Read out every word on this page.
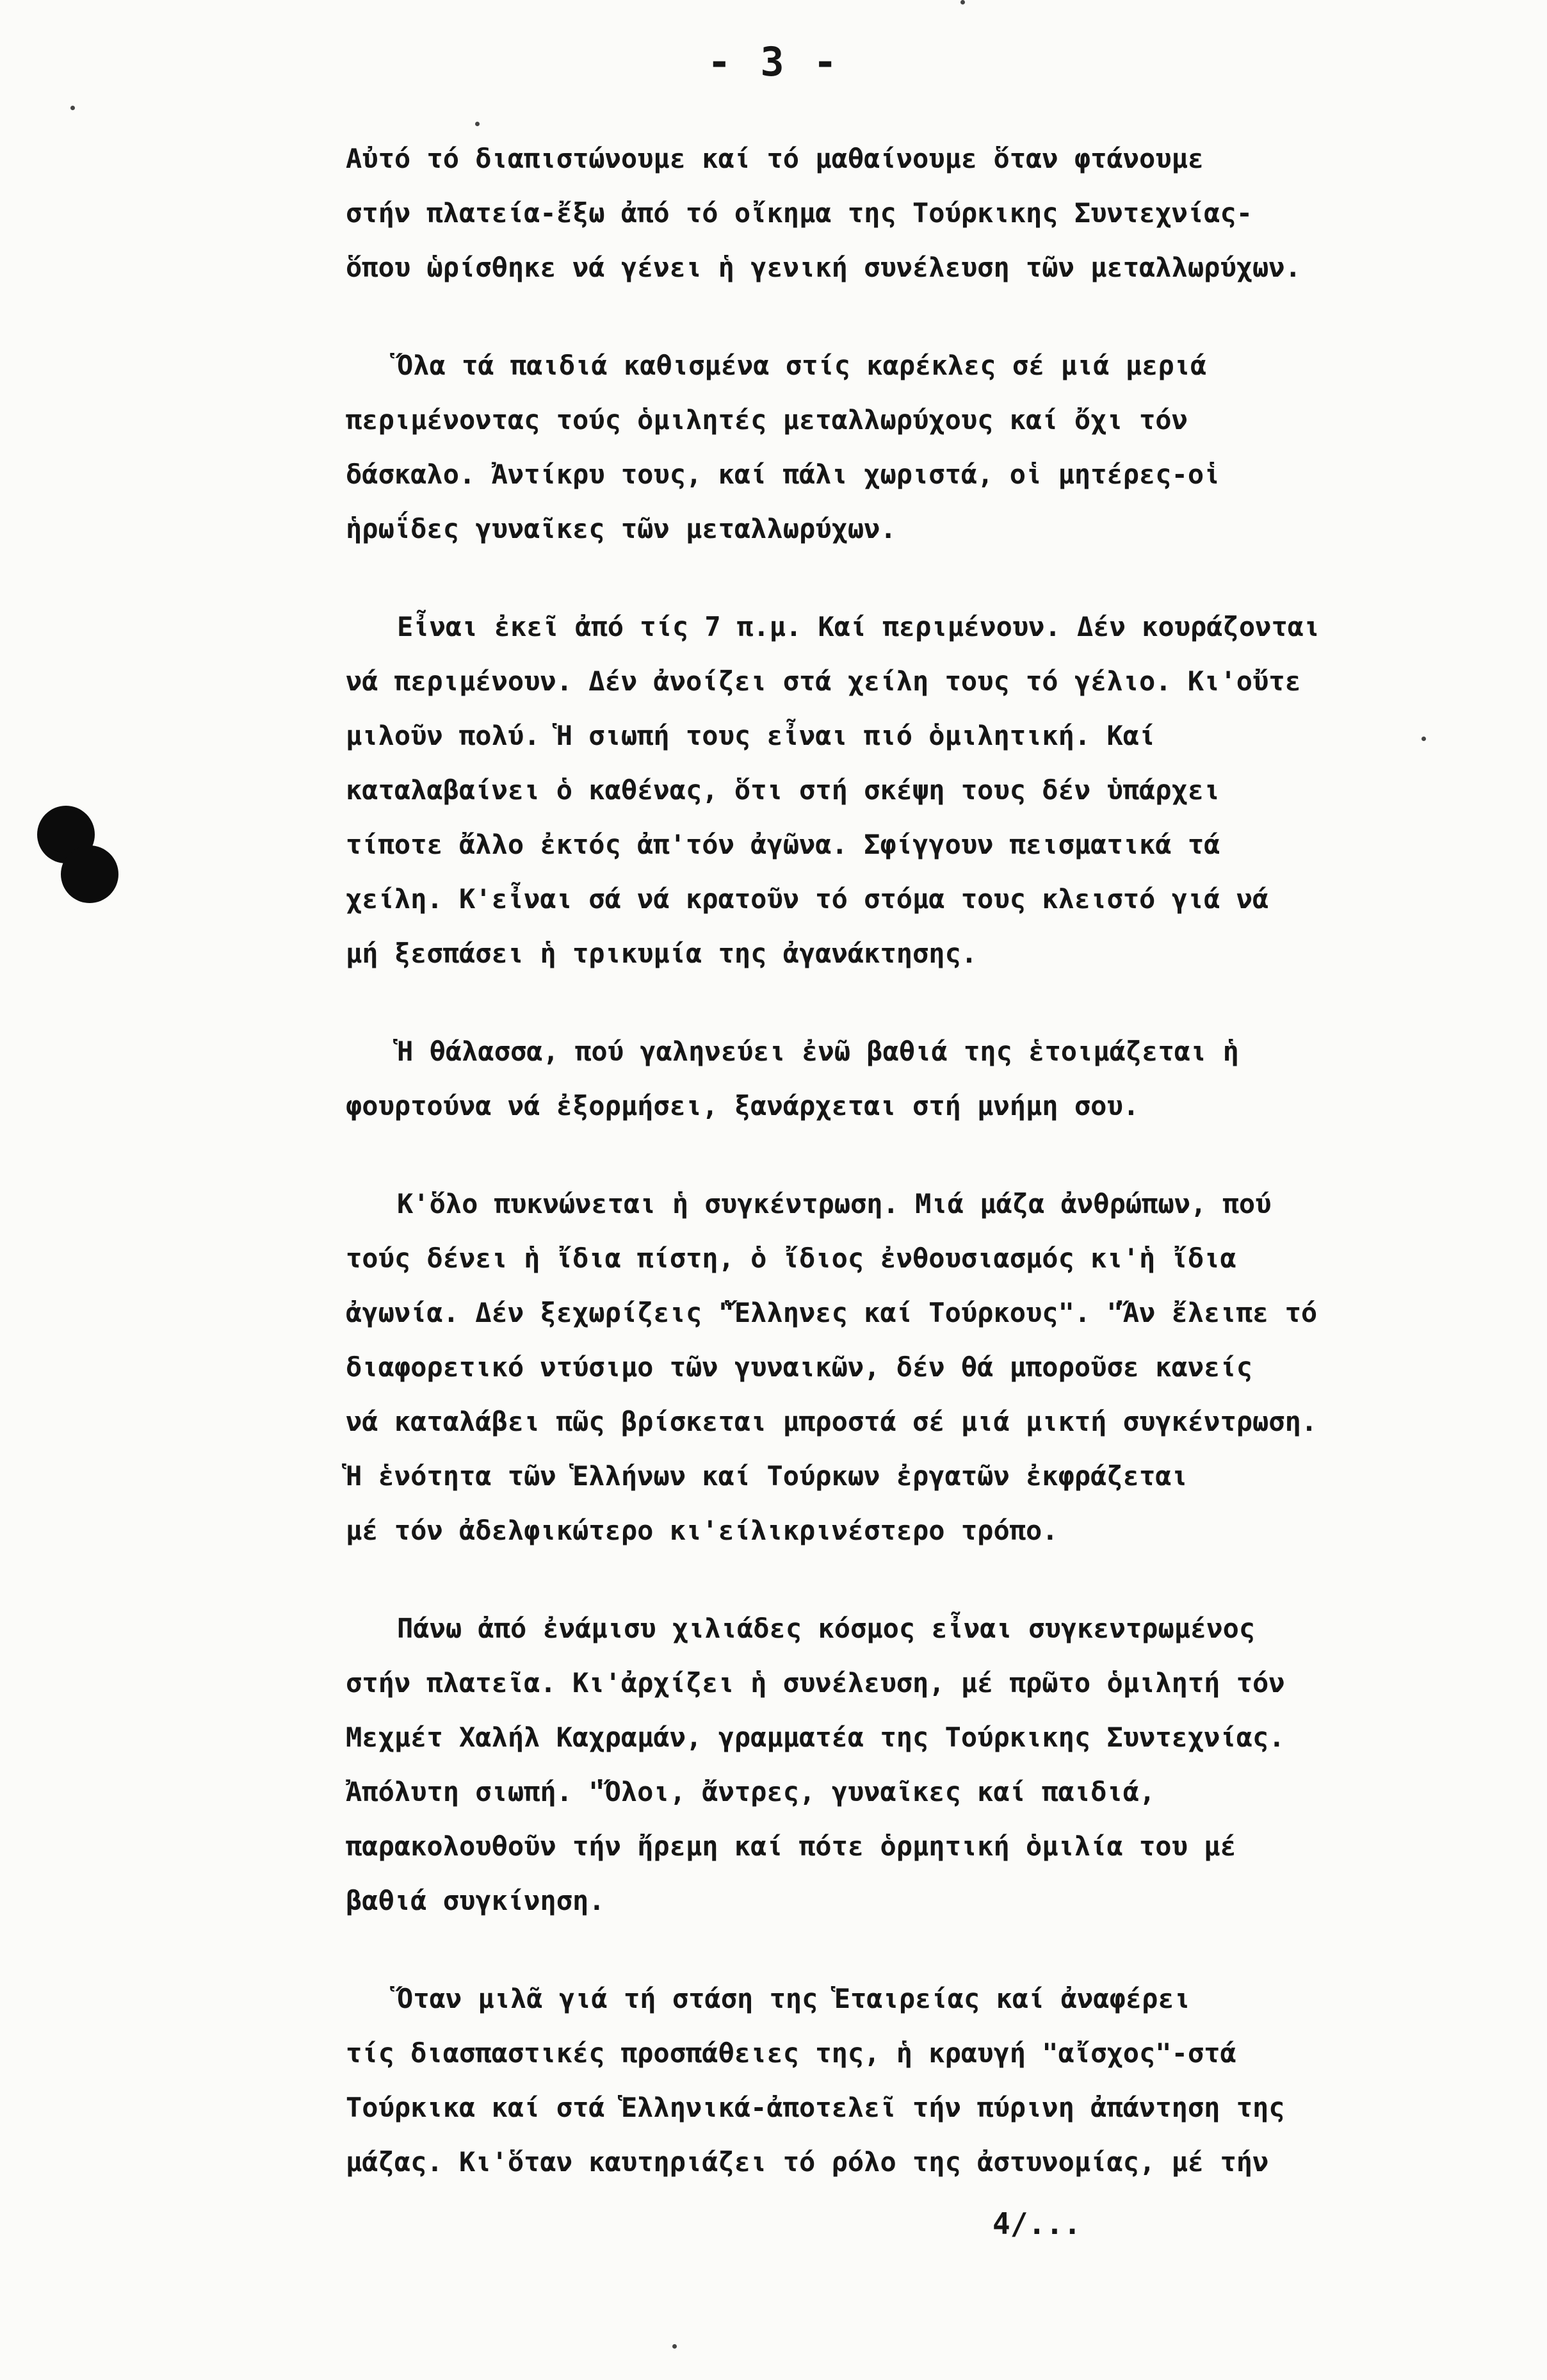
- 3 -
Αὐτό τό διαπιστώνουμε καί τό μαθαίνουμε ὅταν φτάνουμε
στήν πλατεία-ἔξω ἀπό τό οἴκημα της Τούρκικης Συντεχνίας-
ὅπου ὡρίσθηκε νά γένει ἡ γενική συνέλευση τῶν μεταλλωρύχων.
Ὅλα τά παιδιά καθισμένα στίς καρέκλες σέ μιά μεριά
περιμένοντας τούς ὁμιλητές μεταλλωρύχους καί ὄχι τόν
δάσκαλο. Ἀντίκρυ τους, καί πάλι χωριστά, οἱ μητέρες-οἱ
ἡρωΐδες γυναῖκες τῶν μεταλλωρύχων.
Εἶναι ἐκεῖ ἀπό τίς 7 π.μ. Καί περιμένουν. Δέν κουράζονται
νά περιμένουν. Δέν ἀνοίζει στά χείλη τους τό γέλιο. Κι'οὔτε
μιλοῦν πολύ. Ἡ σιωπή τους εἶναι πιό ὁμιλητική. Καί
καταλαβαίνει ὁ καθένας, ὅτι στή σκέψη τους δέν ὑπάρχει
τίποτε ἄλλο ἐκτός ἀπ'τόν ἀγῶνα. Σφίγγουν πεισματικά τά
χείλη. Κ'εἶναι σά νά κρατοῦν τό στόμα τους κλειστό γιά νά
μή ξεσπάσει ἡ τρικυμία της ἀγανάκτησης.
Ἡ θάλασσα, πού γαληνεύει ἐνῶ βαθιά της ἑτοιμάζεται ἡ
φουρτούνα νά ἐξορμήσει, ξανάρχεται στή μνήμη σου.
Κ'ὅλο πυκνώνεται ἡ συγκέντρωση. Μιά μάζα ἀνθρώπων, πού
τούς δένει ἡ ἴδια πίστη, ὁ ἴδιος ἐνθουσιασμός κι'ἡ ἴδια
ἀγωνία. Δέν ξεχωρίζεις "Ἕλληνες καί Τούρκους". "Ἄν ἔλειπε τό
διαφορετικό ντύσιμο τῶν γυναικῶν, δέν θά μποροῦσε κανείς
νά καταλάβει πῶς βρίσκεται μπροστά σέ μιά μικτή συγκέντρωση.
Ἡ ἑνότητα τῶν Ἑλλήνων καί Τούρκων ἐργατῶν ἐκφράζεται
μέ τόν ἀδελφικώτερο κι'είλικρινέστερο τρόπο.
Πάνω ἀπό ἐνάμισυ χιλιάδες κόσμος εἶναι συγκεντρωμένος
στήν πλατεῖα. Κι'ἀρχίζει ἡ συνέλευση, μέ πρῶτο ὁμιλητή τόν
Μεχμέτ Χαλήλ Καχραμάν, γραμματέα της Τούρκικης Συντεχνίας.
Ἀπόλυτη σιωπή. "Ὅλοι, ἄντρες, γυναῖκες καί παιδιά,
παρακολουθοῦν τήν ἤρεμη καί πότε ὁρμητική ὁμιλία του μέ
βαθιά συγκίνηση.
Ὅταν μιλᾶ γιά τή στάση της Ἑταιρείας καί ἀναφέρει
τίς διασπαστικές προσπάθειες της, ἡ κραυγή "αἴσχος"-στά
Τούρκικα καί στά Ἑλληνικά-ἀποτελεῖ τήν πύρινη ἀπάντηση της
μάζας. Κι'ὅταν καυτηριάζει τό ρόλο της ἀστυνομίας, μέ τήν
4/...
